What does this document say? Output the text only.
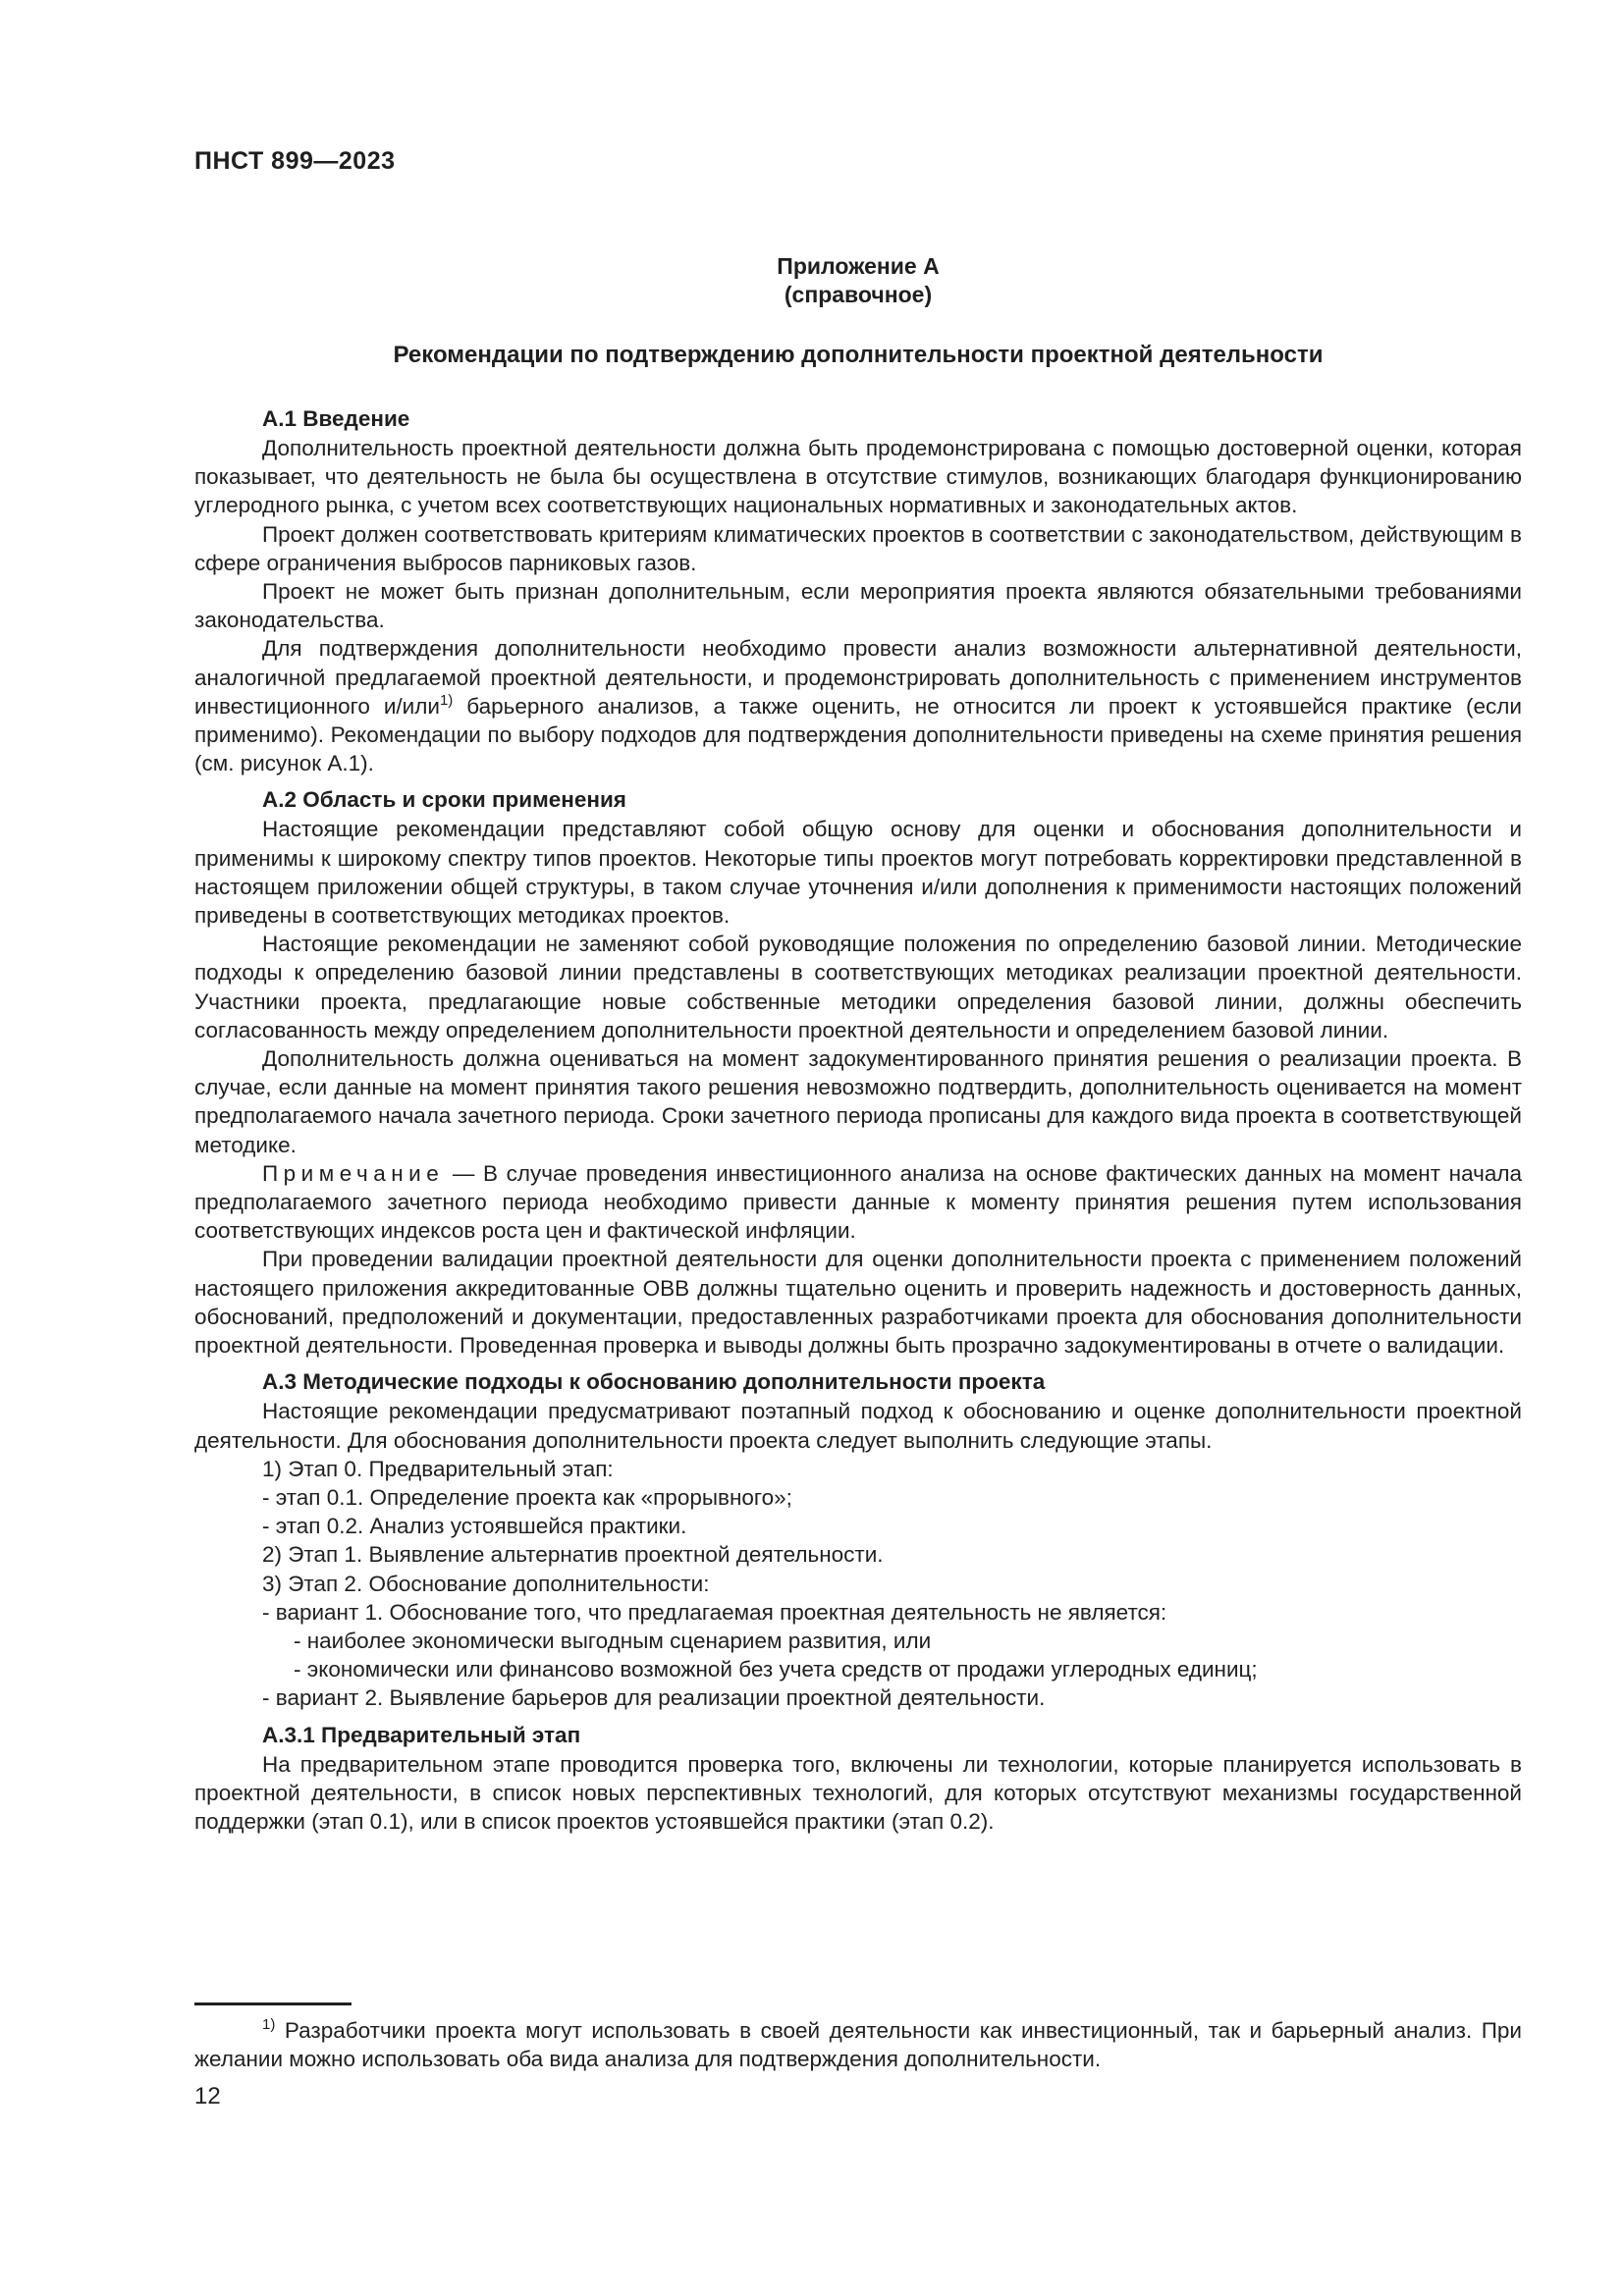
ПНСТ 899—2023

Приложение А
(справочное)
Рекомендации по подтверждению дополнительности проектной деятельности
А.1 Введение

Дополнительность проектной деятельности должна быть продемонстрирована с помощью достоверной оценки, которая показывает, что деятельность не была бы осуществлена в отсутствие стимулов, возникающих благодаря функционированию углеродного рынка, с учетом всех соответствующих национальных нормативных и законодательных актов.

Проект должен соответствовать критериям климатических проектов в соответствии с законодательством, действующим в сфере ограничения выбросов парниковых газов.

Проект не может быть признан дополнительным, если мероприятия проекта являются обязательными требованиями законодательства.

Для подтверждения дополнительности необходимо провести анализ возможности альтернативной деятельности, аналогичной предлагаемой проектной деятельности, и продемонстрировать дополнительность с применением инструментов инвестиционного и/или$^{1)}$ барьерного анализов, а также оценить, не относится ли проект к устоявшейся практике (если применимо). Рекомендации по выбору подходов для подтверждения дополнительности приведены на схеме принятия решения (см. рисунок А.1).

А.2 Область и сроки применения

Настоящие рекомендации представляют собой общую основу для оценки и обоснования дополнительности и применимы к широкому спектру типов проектов. Некоторые типы проектов могут потребовать корректировки представленной в настоящем приложении общей структуры, в таком случае уточнения и/или дополнения к применимости настоящих положений приведены в соответствующих методиках проектов.

Настоящие рекомендации не заменяют собой руководящие положения по определению базовой линии. Методические подходы к определению базовой линии представлены в соответствующих методиках реализации проектной деятельности. Участники проекта, предлагающие новые собственные методики определения базовой линии, должны обеспечить согласованность между определением дополнительности проектной деятельности и определением базовой линии.

Дополнительность должна оцениваться на момент задокументированного принятия решения о реализации проекта. В случае, если данные на момент принятия такого решения невозможно подтвердить, дополнительность оценивается на момент предполагаемого начала зачетного периода. Сроки зачетного периода прописаны для каждого вида проекта в соответствующей методике.

Примечание — В случае проведения инвестиционного анализа на основе фактических данных на момент начала предполагаемого зачетного периода необходимо привести данные к моменту принятия решения путем использования соответствующих индексов роста цен и фактической инфляции.

При проведении валидации проектной деятельности для оценки дополнительности проекта с применением положений настоящего приложения аккредитованные ОВВ должны тщательно оценить и проверить надежность и достоверность данных, обоснований, предположений и документации, предоставленных разработчиками проекта для обоснования дополнительности проектной деятельности. Проведенная проверка и выводы должны быть прозрачно задокументированы в отчете о валидации.

А.3 Методические подходы к обоснованию дополнительности проекта

Настоящие рекомендации предусматривают поэтапный подход к обоснованию и оценке дополнительности проектной деятельности. Для обоснования дополнительности проекта следует выполнить следующие этапы.

1) Этап 0. Предварительный этап:
- этап 0.1. Определение проекта как «прорывного»;
- этап 0.2. Анализ устоявшейся практики.
2) Этап 1. Выявление альтернатив проектной деятельности.
3) Этап 2. Обоснование дополнительности:
- вариант 1. Обоснование того, что предлагаемая проектная деятельность не является:
- наиболее экономически выгодным сценарием развития, или
- экономически или финансово возможной без учета средств от продажи углеродных единиц;
- вариант 2. Выявление барьеров для реализации проектной деятельности.
А.3.1 Предварительный этап

На предварительном этапе проводится проверка того, включены ли технологии, которые планируется использовать в проектной деятельности, в список новых перспективных технологий, для которых отсутствуют механизмы государственной поддержки (этап 0.1), или в список проектов устоявшейся практики (этап 0.2).

$^{1)}$ Разработчики проекта могут использовать в своей деятельности как инвестиционный, так и барьерный анализ. При желании можно использовать оба вида анализа для подтверждения дополнительности.

12
